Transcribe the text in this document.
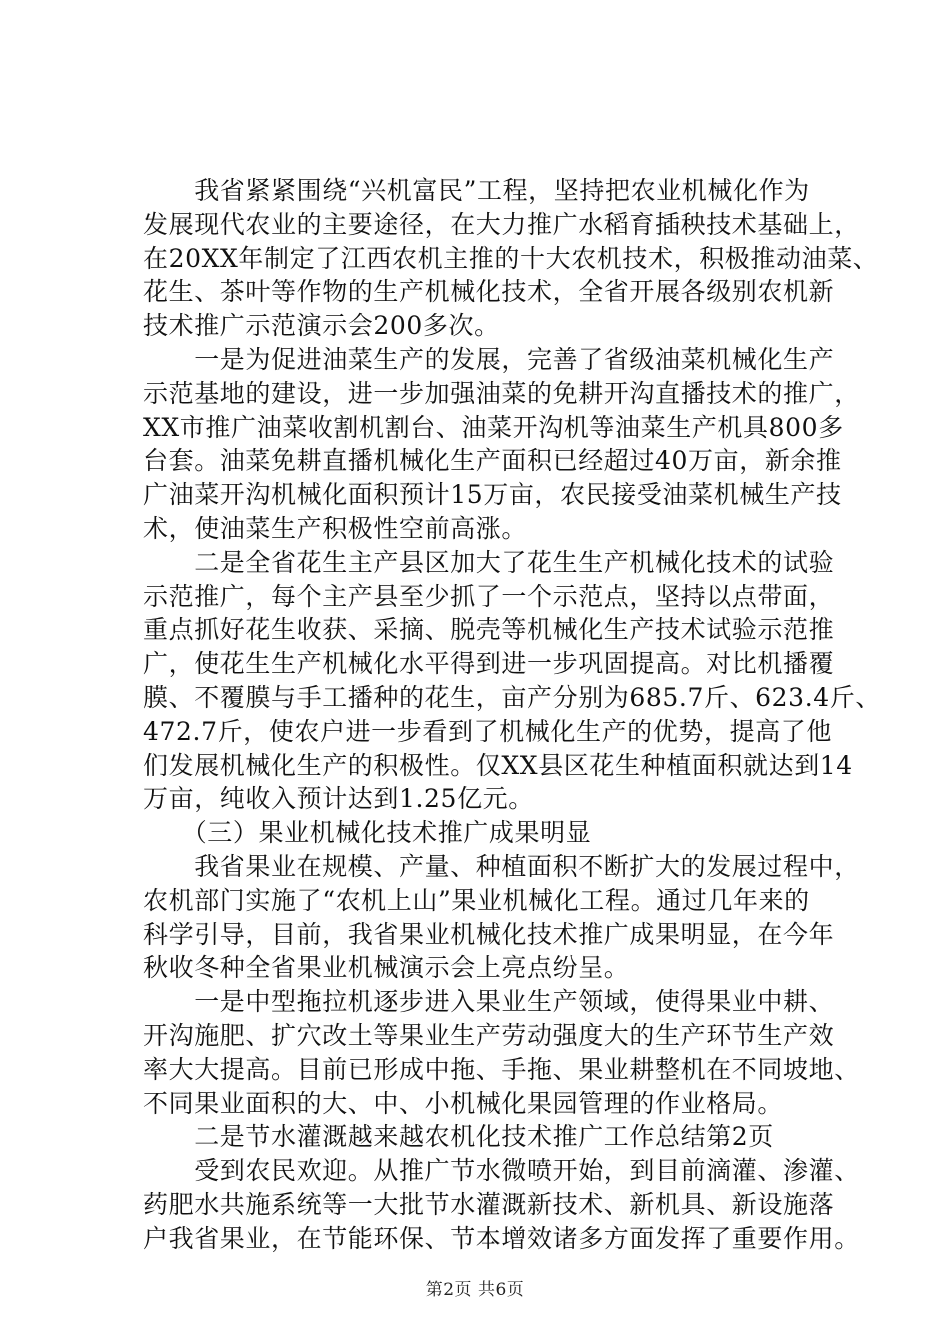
　　我省紧紧围绕“兴机富民”工程，坚持把农业机械化作为
发展现代农业的主要途径，在大力推广水稻育插秧技术基础上，
在20XX年制定了江西农机主推的十大农机技术，积极推动油菜、
花生、茶叶等作物的生产机械化技术，全省开展各级别农机新
技术推广示范演示会200多次。
　　一是为促进油菜生产的发展，完善了省级油菜机械化生产
示范基地的建设，进一步加强油菜的免耕开沟直播技术的推广，
XX市推广油菜收割机割台、油菜开沟机等油菜生产机具800多
台套。油菜免耕直播机械化生产面积已经超过40万亩，新余推
广油菜开沟机械化面积预计15万亩，农民接受油菜机械生产技
术，使油菜生产积极性空前高涨。
　　二是全省花生主产县区加大了花生生产机械化技术的试验
示范推广，每个主产县至少抓了一个示范点，坚持以点带面，
重点抓好花生收获、采摘、脱壳等机械化生产技术试验示范推
广，使花生生产机械化水平得到进一步巩固提高。对比机播覆
膜、不覆膜与手工播种的花生，亩产分别为685.7斤、623.4斤、
472.7斤，使农户进一步看到了机械化生产的优势，提高了他
们发展机械化生产的积极性。仅XX县区花生种植面积就达到14
万亩，纯收入预计达到1.25亿元。
　　（三）果业机械化技术推广成果明显
　　我省果业在规模、产量、种植面积不断扩大的发展过程中，
农机部门实施了“农机上山”果业机械化工程。通过几年来的
科学引导，目前，我省果业机械化技术推广成果明显，在今年
秋收冬种全省果业机械演示会上亮点纷呈。
　　一是中型拖拉机逐步进入果业生产领域，使得果业中耕、
开沟施肥、扩穴改土等果业生产劳动强度大的生产环节生产效
率大大提高。目前已形成中拖、手拖、果业耕整机在不同坡地、
不同果业面积的大、中、小机械化果园管理的作业格局。
　　二是节水灌溉越来越农机化技术推广工作总结第2页
　　受到农民欢迎。从推广节水微喷开始，到目前滴灌、渗灌、
药肥水共施系统等一大批节水灌溉新技术、新机具、新设施落
户我省果业，在节能环保、节本增效诸多方面发挥了重要作用。
第2页 共6页
